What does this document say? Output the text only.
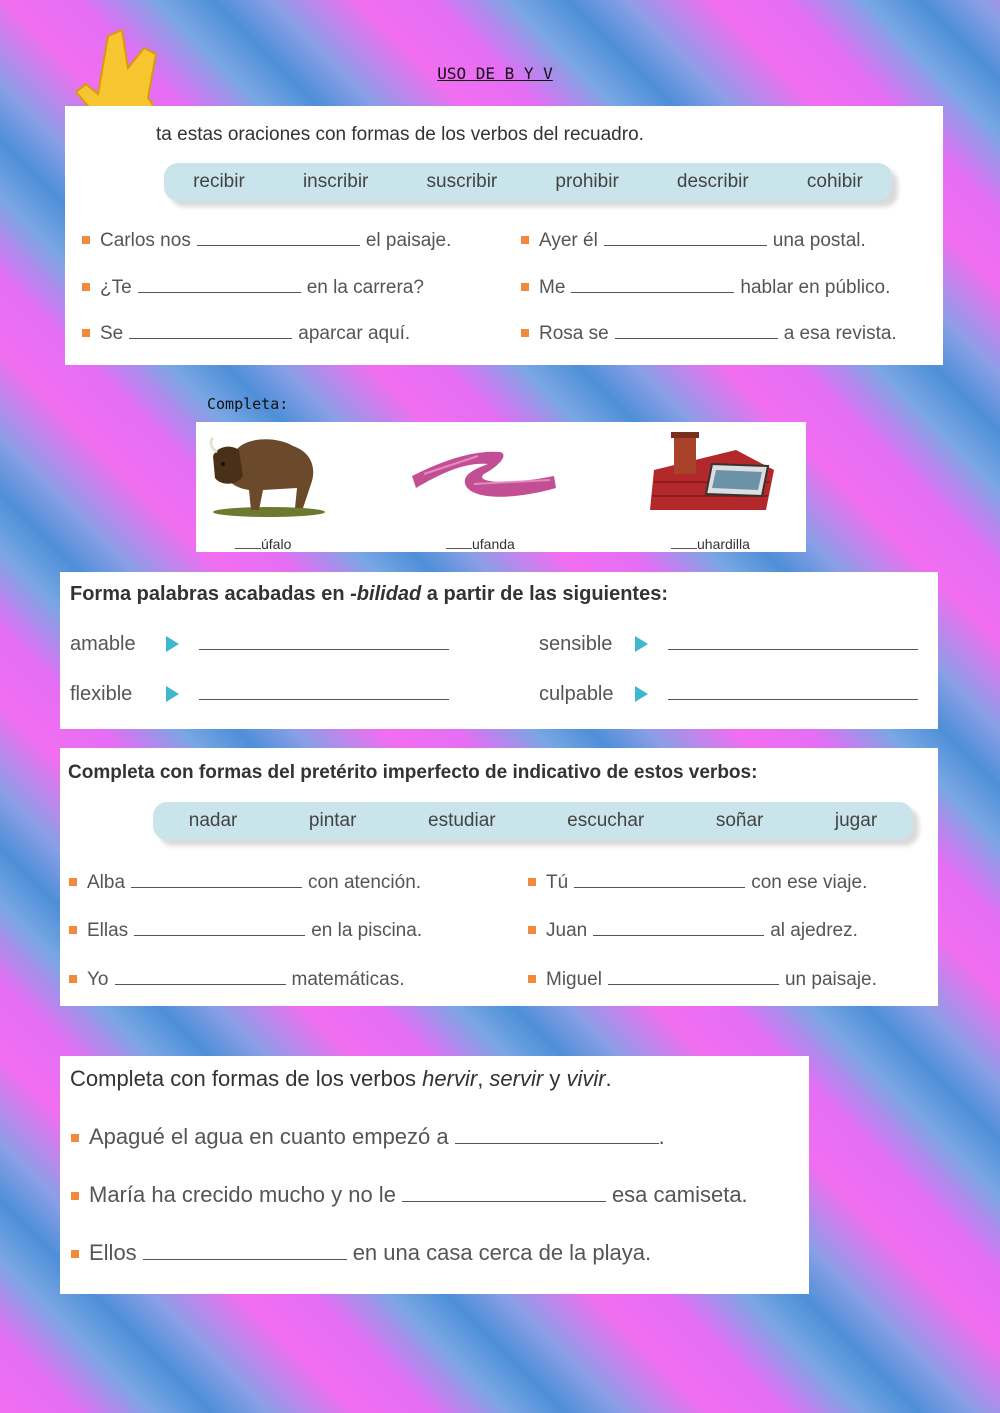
USO DE B Y V
ta estas oraciones con formas de los verbos del recuadro.
recibir	inscribir	suscribir	prohibir	describir	cohibir
Carlos nos	el paisaje.
¿Te	en la carrera?
Se	aparcar aquí.
Ayer él	una postal.
Me	hablar en público.
Rosa se	a esa revista.
Completa:
úfalo	ufanda	uhardilla
Forma palabras acabadas en -bilidad a partir de las siguientes:
amable	sensible
flexible	culpable
Completa con formas del pretérito imperfecto de indicativo de estos verbos:
nadar	pintar	estudiar	escuchar	soñar	jugar
Alba	con atención.
Ellas	en la piscina.
Yo	matemáticas.
Tú	con ese viaje.
Juan	al ajedrez.
Miguel	un paisaje.
Completa con formas de los verbos hervir, servir y vivir.
Apagué el agua en cuanto empezó a	.
María ha crecido mucho y no le	esa camiseta.
Ellos	en una casa cerca de la playa.
